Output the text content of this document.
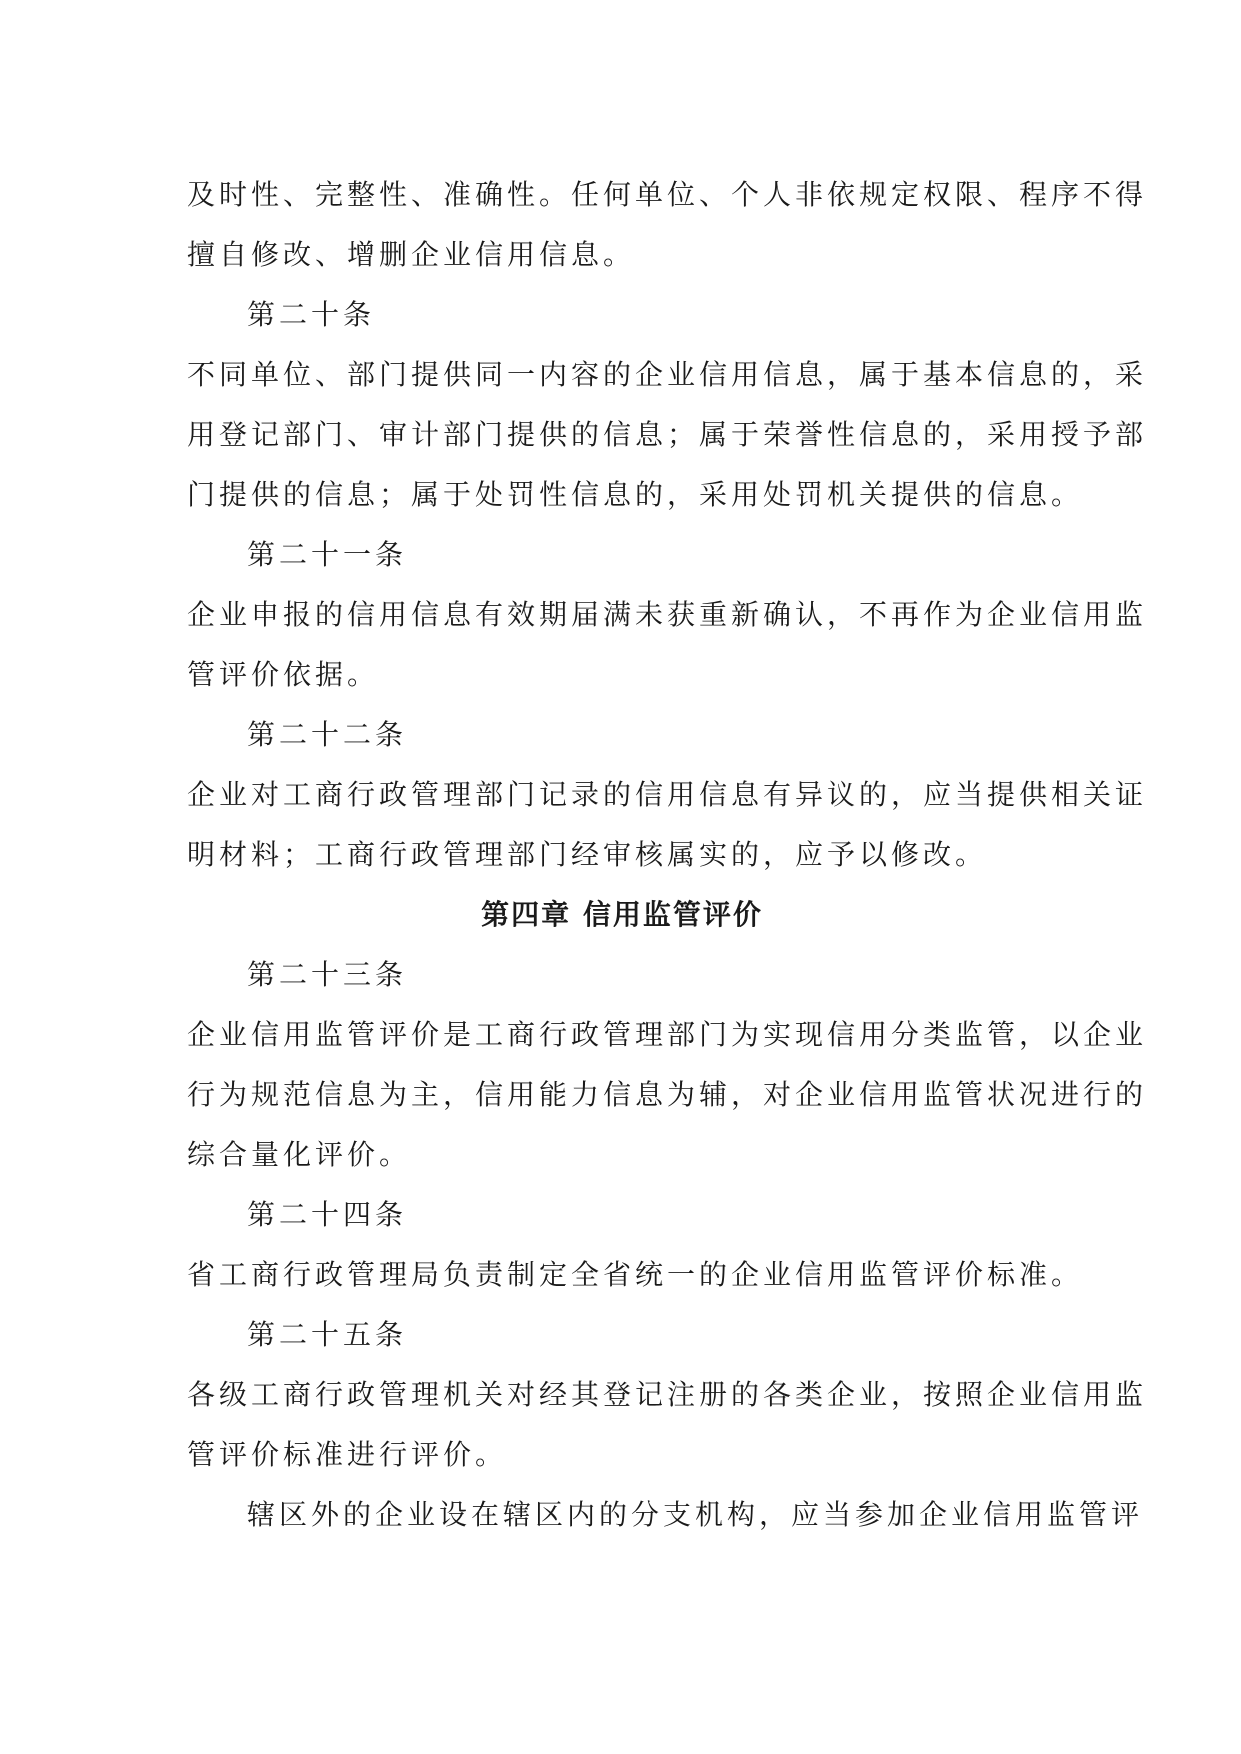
及时性、完整性、准确性。任何单位、个人非依规定权限、程序不得
擅自修改、增删企业信用信息。
第二十条
不同单位、部门提供同一内容的企业信用信息，属于基本信息的，采
用登记部门、审计部门提供的信息；属于荣誉性信息的，采用授予部
门提供的信息；属于处罚性信息的，采用处罚机关提供的信息。
第二十一条
企业申报的信用信息有效期届满未获重新确认，不再作为企业信用监
管评价依据。
第二十二条
企业对工商行政管理部门记录的信用信息有异议的，应当提供相关证
明材料；工商行政管理部门经审核属实的，应予以修改。
第四章 信用监管评价
第二十三条
企业信用监管评价是工商行政管理部门为实现信用分类监管，以企业
行为规范信息为主，信用能力信息为辅，对企业信用监管状况进行的
综合量化评价。
第二十四条
省工商行政管理局负责制定全省统一的企业信用监管评价标准。
第二十五条
各级工商行政管理机关对经其登记注册的各类企业，按照企业信用监
管评价标准进行评价。
辖区外的企业设在辖区内的分支机构，应当参加企业信用监管评
